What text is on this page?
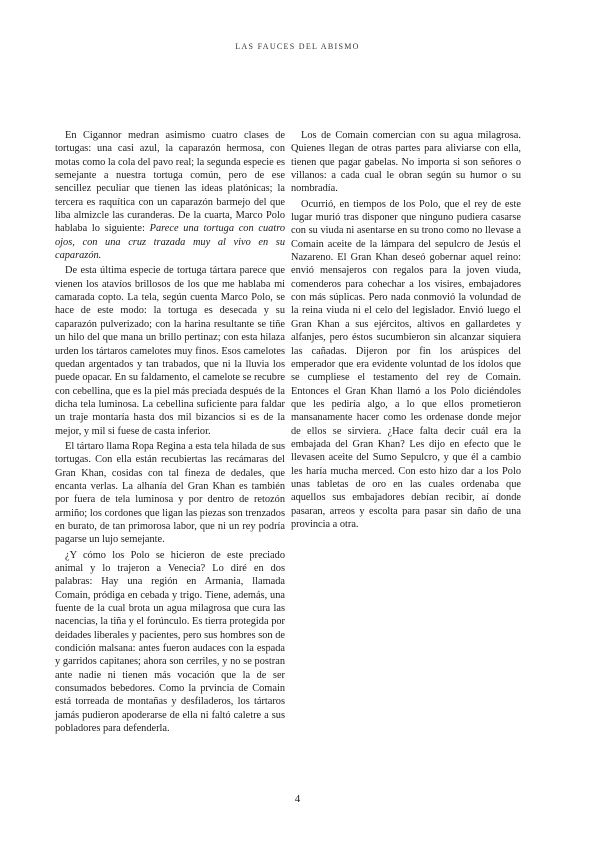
LAS FAUCES DEL ABISMO

En Cigannor medran asimismo cuatro clases de tortugas: una casi azul, la caparazón hermosa, con motas como la cola del pavo real; la segunda especie es semejante a nuestra tortuga común, pero de ese sencillez peculiar que tienen las ideas platónicas; la tercera es raquítica con un caparazón barmejo del que liba almizcle las curanderas. De la cuarta, Marco Polo hablaba lo siguiente: Parece una tortuga con cuatro ojos, con una cruz trazada muy al vivo en su caparazón.

De esta última especie de tortuga tártara parece que vienen los atavíos brillosos de los que me hablaba mi camarada copto. La tela, según cuenta Marco Polo, se hace de este modo: la tortuga es desecada y su caparazón pulverizado; con la harina resultante se tiñe un hilo del que mana un brillo pertinaz; con esta hilaza urden los tártaros camelotes muy finos. Esos camelotes quedan argentados y tan trabados, que ni la lluvia los puede opacar. En su faldamento, el camelote se recubre con cebellina, que es la piel más preciada después de la dicha tela luminosa. La cebellina suficiente para faldar un traje montaría hasta dos mil bizancios si es de la mejor, y mil si fuese de casta inferior.

El tártaro llama Ropa Regina a esta tela hilada de sus tortugas. Con ella están recubiertas las recámaras del Gran Khan, cosidas con tal fineza de dedales, que encanta verlas. La alhanía del Gran Khan es también por fuera de tela luminosa y por dentro de retozón armiño; los cordones que ligan las piezas son trenzados en burato, de tan primorosa labor, que ni un rey podría pagarse un lujo semejante.

¿Y cómo los Polo se hicieron de este preciado animal y lo trajeron a Venecia? Lo diré en dos palabras: Hay una región en Armania, llamada Comain, pródiga en cebada y trigo. Tiene, además, una fuente de la cual brota un agua milagrosa que cura las nacencias, la tiña y el forúnculo. Es tierra protegida por deidades liberales y pacientes, pero sus hombres son de condición malsana: antes fueron audaces con la espada y garridos capitanes; ahora son cerriles, y no se postran ante nadie ni tienen más vocación que la de ser consumados bebedores. Como la prvincia de Comain está torreada de montañas y desfiladeros, los tártaros jamás pudieron apoderarse de ella ni faltó caletre a sus pobladores para defenderla.

Los de Comain comercian con su agua milagrosa. Quienes llegan de otras partes para aliviarse con ella, tienen que pagar gabelas. No importa si son señores o villanos: a cada cual le obran según su humor o su nombradía.

Ocurrió, en tiempos de los Polo, que el rey de este lugar murió tras disponer que ninguno pudiera casarse con su viuda ni asentarse en su trono como no llevase a Comain aceite de la lámpara del sepulcro de Jesús el Nazareno. El Gran Khan deseó gobernar aquel reino: envió mensajeros con regalos para la joven viuda, comenderos para cohechar a los visires, embajadores con más súplicas. Pero nada conmovió la volundad de la reina viuda ni el celo del legislador. Envió luego el Gran Khan a sus ejércitos, altivos en gallardetes y alfanjes, pero éstos sucumbieron sin alcanzar siquiera las cañadas. Dijeron por fin los arúspices del emperador que era evidente voluntad de los ídolos que se cumpliese el testamento del rey de Comain. Entonces el Gran Khan llamó a los Polo diciéndoles que les pediría algo, a lo que ellos prometieron mansanamente hacer como les ordenase donde mejor de ellos se sirviera. ¿Hace falta decir cuál era la embajada del Gran Khan? Les dijo en efecto que le llevasen aceite del Sumo Sepulcro, y que él a cambio les haría mucha merced. Con esto hizo dar a los Polo unas tabletas de oro en las cuales ordenaba que aquellos sus embajadores debían recibir, aí donde pasaran, arreos y escolta para pasar sin daño de una provincia a otra.

4
